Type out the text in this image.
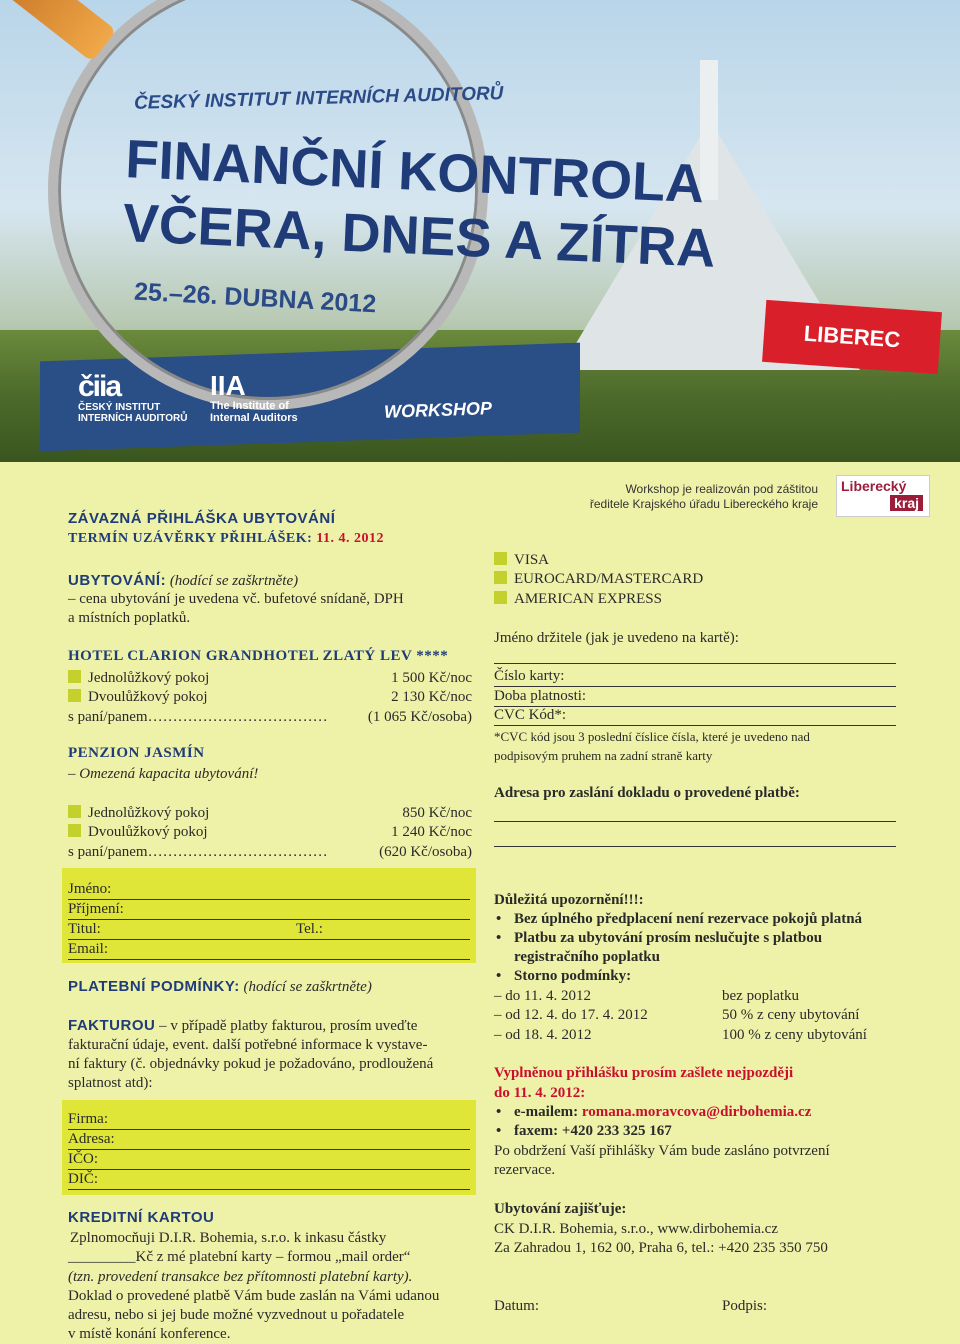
ČESKÝ INSTITUT INTERNÍCH AUDITORŮ
FINANČNÍ KONTROLA
VČERA, DNES A ZÍTRA
25.–26. DUBNA 2012
LIBEREC
čiia
ČESKÝ INSTITUT
INTERNÍCH AUDITORŮ
IIA
The Institute of
Internal Auditors	WORKSHOP
ZÁVAZNÁ PŘIHLÁŠKA UBYTOVÁNÍ
TERMÍN UZÁVĚRKY PŘIHLÁŠEK: 11. 4. 2012
UBYTOVÁNÍ: (hodící se zaškrtněte)
– cena ubytování je uvedena vč. bufetové snídaně, DPH
a místních poplatků.
HOTEL CLARION GRANDHOTEL ZLATÝ LEV ****
Jednolůžkový pokoj	1 500 Kč/noc
Dvoulůžkový pokoj	2 130 Kč/noc
s paní/panem………………………………	(1 065 Kč/osoba)
PENZION JASMÍN
– Omezená kapacita ubytování!
Jednolůžkový pokoj	850 Kč/noc
Dvoulůžkový pokoj	1 240 Kč/noc
s paní/panem………………………………	(620 Kč/osoba)
Jméno:
Příjmení:
Titul:	Tel.:
Email:
PLATEBNÍ PODMÍNKY: (hodící se zaškrtněte)
FAKTUROU – v případě platby fakturou, prosím uveďte
fakturační údaje, event. další potřebné informace k vystave-
ní faktury (č. objednávky pokud je požadováno, prodloužená
splatnost atd):
Firma:
Adresa:
IČO:
DIČ:
KREDITNÍ KARTOU
Zplnomocňuji D.I.R. Bohemia, s.r.o. k inkasu částky
_________Kč z mé platební karty – formou „mail order“
(tzn. provedení transakce bez přítomnosti platební karty).
Doklad o provedené platbě Vám bude zaslán na Vámi udanou
adresu, nebo si jej bude možné vyzvednout u pořadatele
v místě konání konference.
Workshop je realizován pod záštitou
ředitele Krajského úřadu Libereckého kraje
Liberecký
kraj
VISA
EUROCARD/MASTERCARD
AMERICAN EXPRESS
Jméno držitele (jak je uvedeno na kartě):
Číslo karty:
Doba platnosti:
CVC Kód*:
*CVC kód jsou 3 poslední číslice čísla, které je uvedeno nad
podpisovým pruhem na zadní straně karty
Adresa pro zaslání dokladu o provedené platbě:
Důležitá upozornění!!!:
• Bez úplného předplacení není rezervace pokojů platná
• Platbu za ubytování prosím neslučujte s platbou
registračního poplatku
• Storno podmínky:
– do 11. 4. 2012	bez poplatku
– od 12. 4. do 17. 4. 2012	50 % z ceny ubytování
– od 18. 4. 2012	100 % z ceny ubytování
Vyplněnou přihlášku prosím zašlete nejpozději
do 11. 4. 2012:
• e-mailem: romana.moravcova@dirbohemia.cz
• faxem: +420 233 325 167
Po obdržení Vaší přihlášky Vám bude zasláno potvrzení
rezervace.
Ubytování zajišťuje:
CK D.I.R. Bohemia, s.r.o., www.dirbohemia.cz
Za Zahradou 1, 162 00, Praha 6, tel.: +420 235 350 750
Datum:	Podpis:
